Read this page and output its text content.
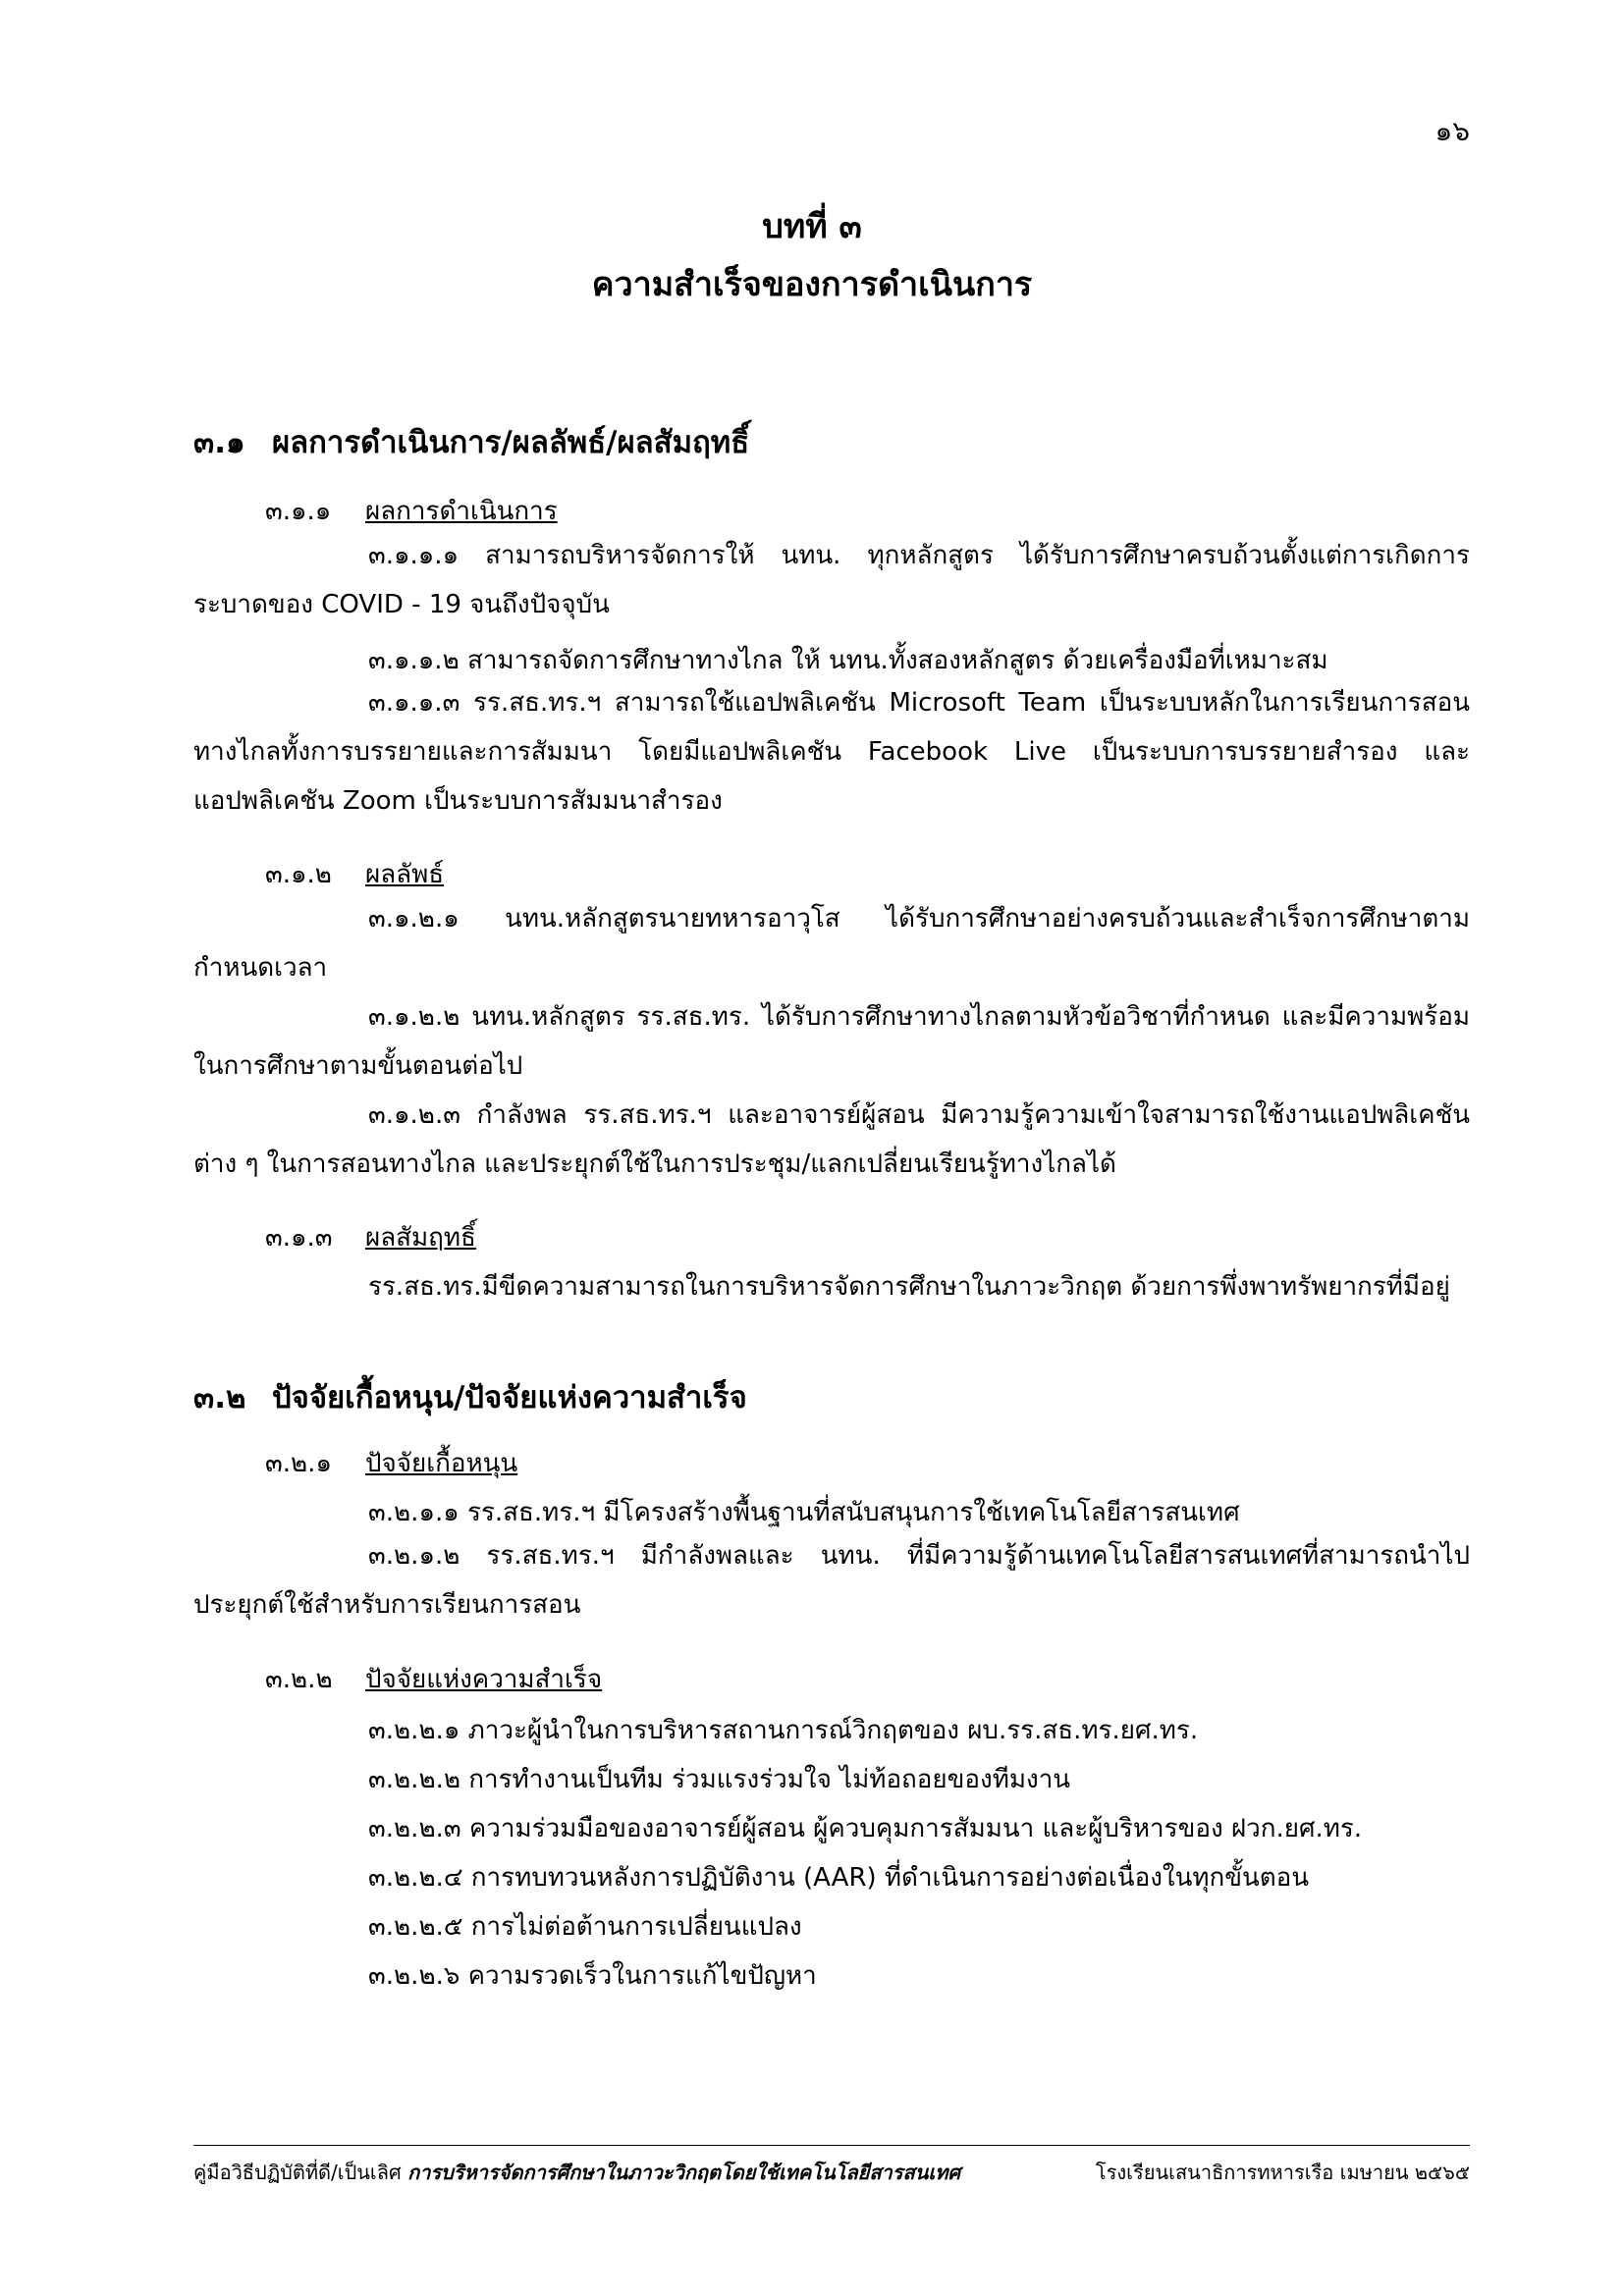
๑๖
บทที่ ๓
ความสำเร็จของการดำเนินการ
๓.๑ ผลการดำเนินการ/ผลลัพธ์/ผลสัมฤทธิ์
๓.๑.๑ ผลการดำเนินการ

๓.๑.๑.๑ สามารถบริหารจัดการให้ นทน. ทุกหลักสูตร ได้รับการศึกษาครบถ้วนตั้งแต่การเกิดการระบาดของ COVID - 19 จนถึงปัจจุบัน

๓.๑.๑.๒ สามารถจัดการศึกษาทางไกล ให้ นทน.ทั้งสองหลักสูตร ด้วยเครื่องมือที่เหมาะสม

๓.๑.๑.๓ รร.สธ.ทร.ฯ สามารถใช้แอปพลิเคชัน Microsoft Team เป็นระบบหลักในการเรียนการสอนทางไกลทั้งการบรรยายและการสัมมนา โดยมีแอปพลิเคชัน Facebook Live เป็นระบบการบรรยายสำรอง และแอปพลิเคชัน Zoom เป็นระบบการสัมมนาสำรอง

๓.๑.๒ ผลลัพธ์

๓.๑.๒.๑ นทน.หลักสูตรนายทหารอาวุโส ได้รับการศึกษาอย่างครบถ้วนและสำเร็จการศึกษาตามกำหนดเวลา

๓.๑.๒.๒ นทน.หลักสูตร รร.สธ.ทร. ได้รับการศึกษาทางไกลตามหัวข้อวิชาที่กำหนด และมีความพร้อมในการศึกษาตามขั้นตอนต่อไป

๓.๑.๒.๓ กำลังพล รร.สธ.ทร.ฯ และอาจารย์ผู้สอน มีความรู้ความเข้าใจสามารถใช้งานแอปพลิเคชันต่าง ๆ ในการสอนทางไกล และประยุกต์ใช้ในการประชุม/แลกเปลี่ยนเรียนรู้ทางไกลได้

๓.๑.๓ ผลสัมฤทธิ์
รร.สธ.ทร.มีขีดความสามารถในการบริหารจัดการศึกษาในภาวะวิกฤต ด้วยการพึ่งพาทรัพยากรที่มีอยู่
๓.๒ ปัจจัยเกื้อหนุน/ปัจจัยแห่งความสำเร็จ
๓.๒.๑ ปัจจัยเกื้อหนุน
๓.๒.๑.๑ รร.สธ.ทร.ฯ มีโครงสร้างพื้นฐานที่สนับสนุนการใช้เทคโนโลยีสารสนเทศ

๓.๒.๑.๒ รร.สธ.ทร.ฯ มีกำลังพลและ นทน. ที่มีความรู้ด้านเทคโนโลยีสารสนเทศที่สามารถนำไปประยุกต์ใช้สำหรับการเรียนการสอน

๓.๒.๒ ปัจจัยแห่งความสำเร็จ
๓.๒.๒.๑ ภาวะผู้นำในการบริหารสถานการณ์วิกฤตของ ผบ.รร.สธ.ทร.ยศ.ทร.
๓.๒.๒.๒ การทำงานเป็นทีม ร่วมแรงร่วมใจ ไม่ท้อถอยของทีมงาน
๓.๒.๒.๓ ความร่วมมือของอาจารย์ผู้สอน ผู้ควบคุมการสัมมนา และผู้บริหารของ ฝวก.ยศ.ทร.
๓.๒.๒.๔ การทบทวนหลังการปฏิบัติงาน (AAR) ที่ดำเนินการอย่างต่อเนื่องในทุกขั้นตอน
๓.๒.๒.๕ การไม่ต่อต้านการเปลี่ยนแปลง
๓.๒.๒.๖ ความรวดเร็วในการแก้ไขปัญหา
คู่มือวิธีปฏิบัติที่ดี/เป็นเลิศ การบริหารจัดการศึกษาในภาวะวิกฤตโดยใช้เทคโนโลยีสารสนเทศ	โรงเรียนเสนาธิการทหารเรือ เมษายน ๒๕๖๕
